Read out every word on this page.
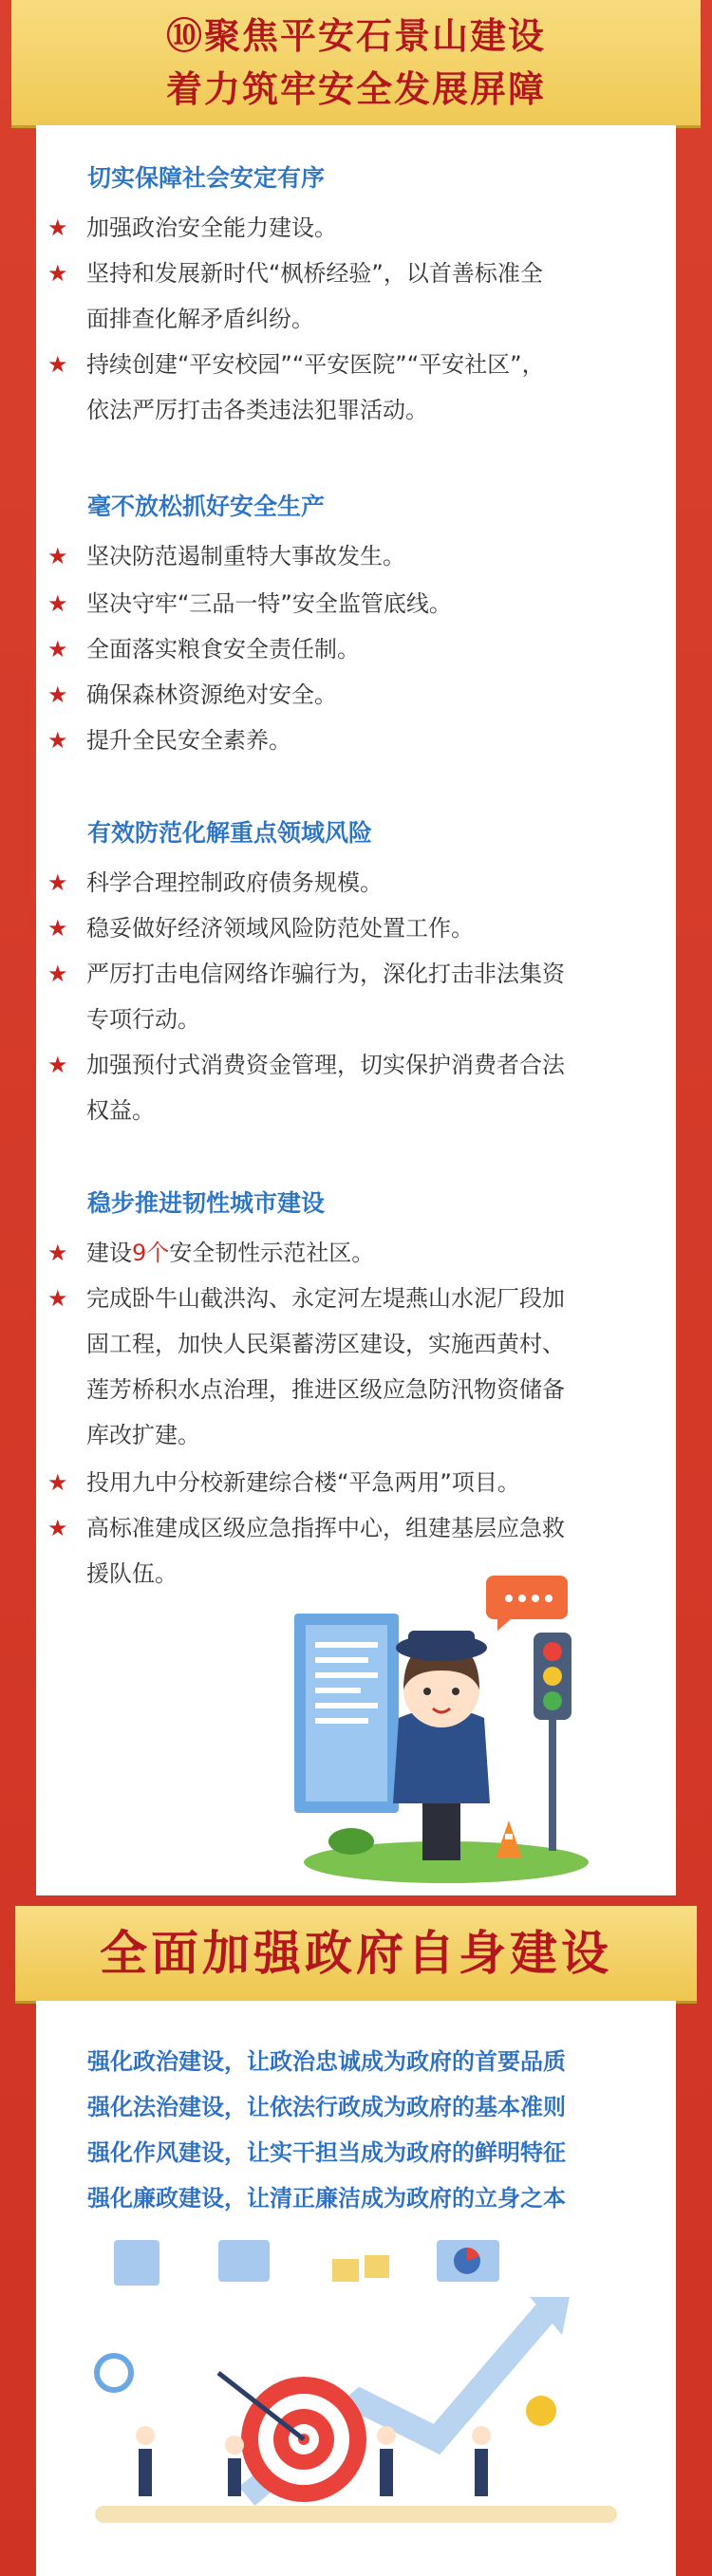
⑩聚焦平安石景山建设
着力筑牢安全发展屏障
切实保障社会安定有序
★ 加强政治安全能力建设。
★ 坚持和发展新时代“枫桥经验”，以首善标准全
面排查化解矛盾纠纷。
★ 持续创建“平安校园”“平安医院”“平安社区”，
依法严厉打击各类违法犯罪活动。
毫不放松抓好安全生产
★ 坚决防范遏制重特大事故发生。
★ 坚决守牢“三品一特”安全监管底线。
★ 全面落实粮食安全责任制。
★ 确保森林资源绝对安全。
★ 提升全民安全素养。
有效防范化解重点领域风险
★ 科学合理控制政府债务规模。
★ 稳妥做好经济领域风险防范处置工作。
★ 严厉打击电信网络诈骗行为，深化打击非法集资
专项行动。
★ 加强预付式消费资金管理，切实保护消费者合法
权益。
稳步推进韧性城市建设
★ 建设9个安全韧性示范社区。
★ 完成卧牛山截洪沟、永定河左堤燕山水泥厂段加
固工程，加快人民渠蓄涝区建设，实施西黄村、
莲芳桥积水点治理，推进区级应急防汛物资储备
库改扩建。
★ 投用九中分校新建综合楼“平急两用”项目。
★ 高标准建成区级应急指挥中心，组建基层应急救
援队伍。
全面加强政府自身建设
强化政治建设，让政治忠诚成为政府的首要品质
强化法治建设，让依法行政成为政府的基本准则
强化作风建设，让实干担当成为政府的鲜明特征
强化廉政建设，让清正廉洁成为政府的立身之本
